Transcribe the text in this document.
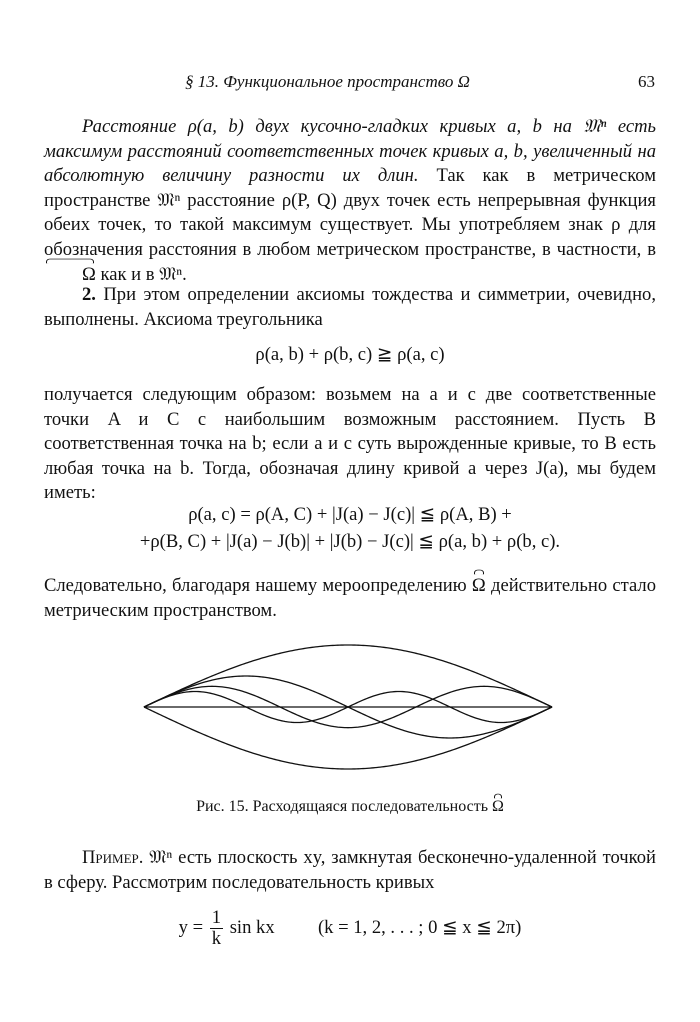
§ 13. Функциональное пространство Ω	63
Расстояние ρ(a, b) двух кусочно-гладких кривых a, b на 𝔐ⁿ есть максимум расстояний соответственных точек кривых a, b, увеличенный на абсолютную величину разности их длин. Так как в метрическом пространстве 𝔐ⁿ расстояние ρ(P, Q) двух точек есть непрерывная функция обеих точек, то такой максимум существует. Мы употребляем знак ρ для обозначения расстояния в любом метрическом пространстве, в частности, в Ω как и в 𝔐ⁿ.
2. При этом определении аксиомы тождества и симметрии, очевидно, выполнены. Аксиома треугольника
ρ(a, b) + ρ(b, c) ≧ ρ(a, c)
получается следующим образом: возьмем на a и c две соответственные точки A и C с наибольшим возможным расстоянием. Пусть B соответственная точка на b; если a и c суть вырожденные кривые, то B есть любая точка на b. Тогда, обозначая длину кривой a через J(a), мы будем иметь:
ρ(a, c) = ρ(A, C) + |J(a) − J(c)| ≦ ρ(A, B) +
+ρ(B, C) + |J(a) − J(b)| + |J(b) − J(c)| ≦ ρ(a, b) + ρ(b, c).
Следовательно, благодаря нашему мероопределению Ω действительно стало метрическим пространством.
Рис. 15. Расходящаяся последовательность Ω
Пример. 𝔐ⁿ есть плоскость xy, замкнутая бесконечно-удаленной точкой в сферу. Рассмотрим последовательность кривых
$y = \frac{1}{k}$ sin kx (k = 1, 2, . . . ; 0 ≦ x ≦ 2π)
